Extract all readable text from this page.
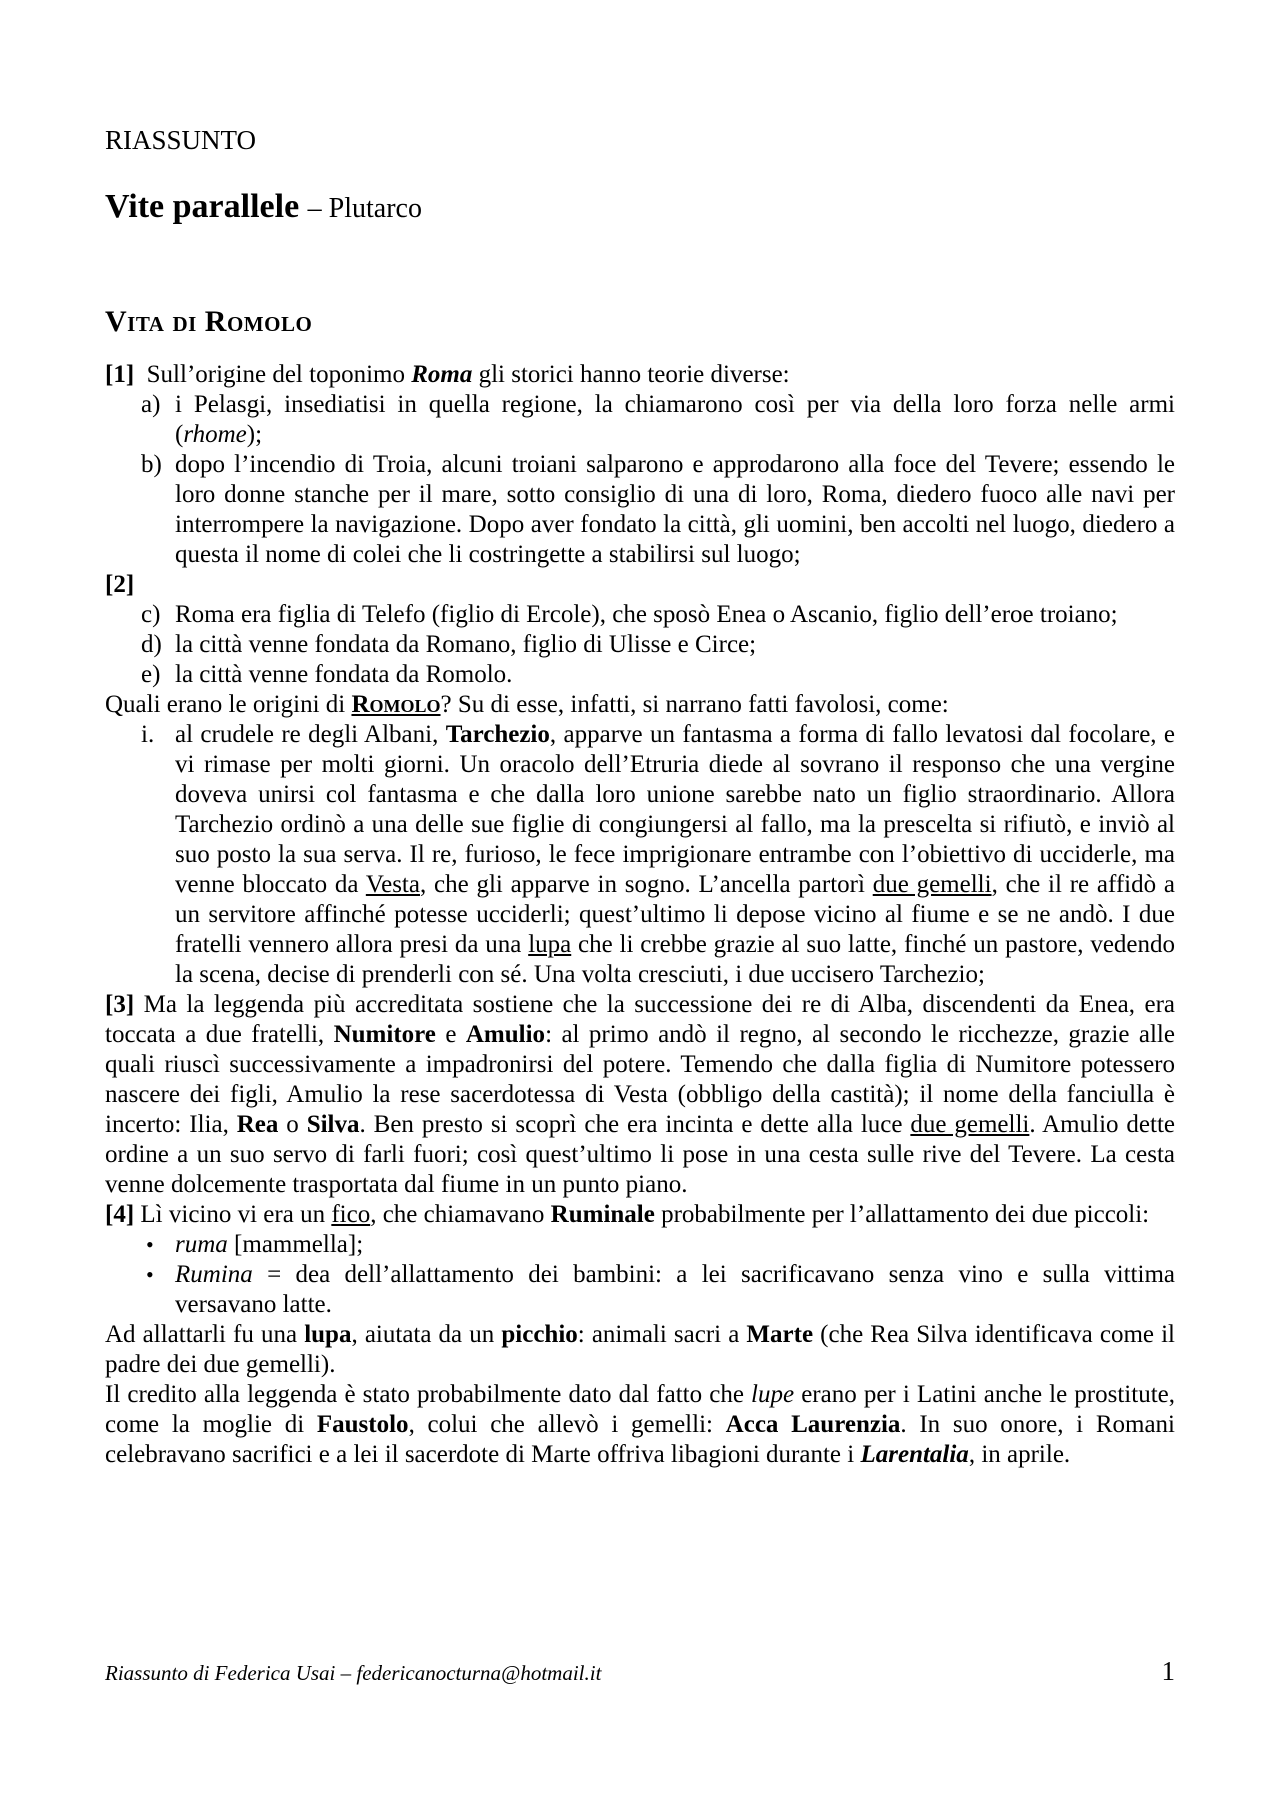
RIASSUNTO
Vite parallele – Plutarco
Vita di Romolo

[1]  Sull’origine del toponimo Roma gli storici hanno teorie diverse:

a) i Pelasgi, insediatisi in quella regione, la chiamarono così per via della loro forza nelle armi (rhome);
b) dopo l’incendio di Troia, alcuni troiani salparono e approdarono alla foce del Tevere; essendo le loro donne stanche per il mare, sotto consiglio di una di loro, Roma, diedero fuoco alle navi per interrompere la navigazione. Dopo aver fondato la città, gli uomini, ben accolti nel luogo, diedero a questa il nome di colei che li costringette a stabilirsi sul luogo;

[2]

c) Roma era figlia di Telefo (figlio di Ercole), che sposò Enea o Ascanio, figlio dell’eroe troiano;
d) la città venne fondata da Romano, figlio di Ulisse e Circe;
e) la città venne fondata da Romolo.

Quali erano le origini di Romolo? Su di esse, infatti, si narrano fatti favolosi, come:

i. al crudele re degli Albani, Tarchezio, apparve un fantasma a forma di fallo levatosi dal focolare, e vi rimase per molti giorni. Un oracolo dell’Etruria diede al sovrano il responso che una vergine doveva unirsi col fantasma e che dalla loro unione sarebbe nato un figlio straordinario. Allora Tarchezio ordinò a una delle sue figlie di congiungersi al fallo, ma la prescelta si rifiutò, e inviò al suo posto la sua serva. Il re, furioso, le fece imprigionare entrambe con l’obiettivo di ucciderle, ma venne bloccato da Vesta, che gli apparve in sogno. L’ancella partorì due gemelli, che il re affidò a un servitore affinché potesse ucciderli; quest’ultimo li depose vicino al fiume e se ne andò. I due fratelli vennero allora presi da una lupa che li crebbe grazie al suo latte, finché un pastore, vedendo la scena, decise di prenderli con sé. Una volta cresciuti, i due uccisero Tarchezio;

[3] Ma la leggenda più accreditata sostiene che la successione dei re di Alba, discendenti da Enea, era toccata a due fratelli, Numitore e Amulio: al primo andò il regno, al secondo le ricchezze, grazie alle quali riuscì successivamente a impadronirsi del potere. Temendo che dalla figlia di Numitore potessero nascere dei figli, Amulio la rese sacerdotessa di Vesta (obbligo della castità); il nome della fanciulla è incerto: Ilia, Rea o Silva. Ben presto si scoprì che era incinta e dette alla luce due gemelli. Amulio dette ordine a un suo servo di farli fuori; così quest’ultimo li pose in una cesta sulle rive del Tevere. La cesta venne dolcemente trasportata dal fiume in un punto piano.

[4] Lì vicino vi era un fico, che chiamavano Ruminale probabilmente per l’allattamento dei due piccoli:

• ruma [mammella];
• Rumina = dea dell’allattamento dei bambini: a lei sacrificavano senza vino e sulla vittima versavano latte.

Ad allattarli fu una lupa, aiutata da un picchio: animali sacri a Marte (che Rea Silva identificava come il padre dei due gemelli).

Il credito alla leggenda è stato probabilmente dato dal fatto che lupe erano per i Latini anche le prostitute, come la moglie di Faustolo, colui che allevò i gemelli: Acca Laurenzia. In suo onore, i Romani celebravano sacrifici e a lei il sacerdote di Marte offriva libagioni durante i Larentalia, in aprile.

Riassunto di Federica Usai – federicanocturna@hotmail.it	1
